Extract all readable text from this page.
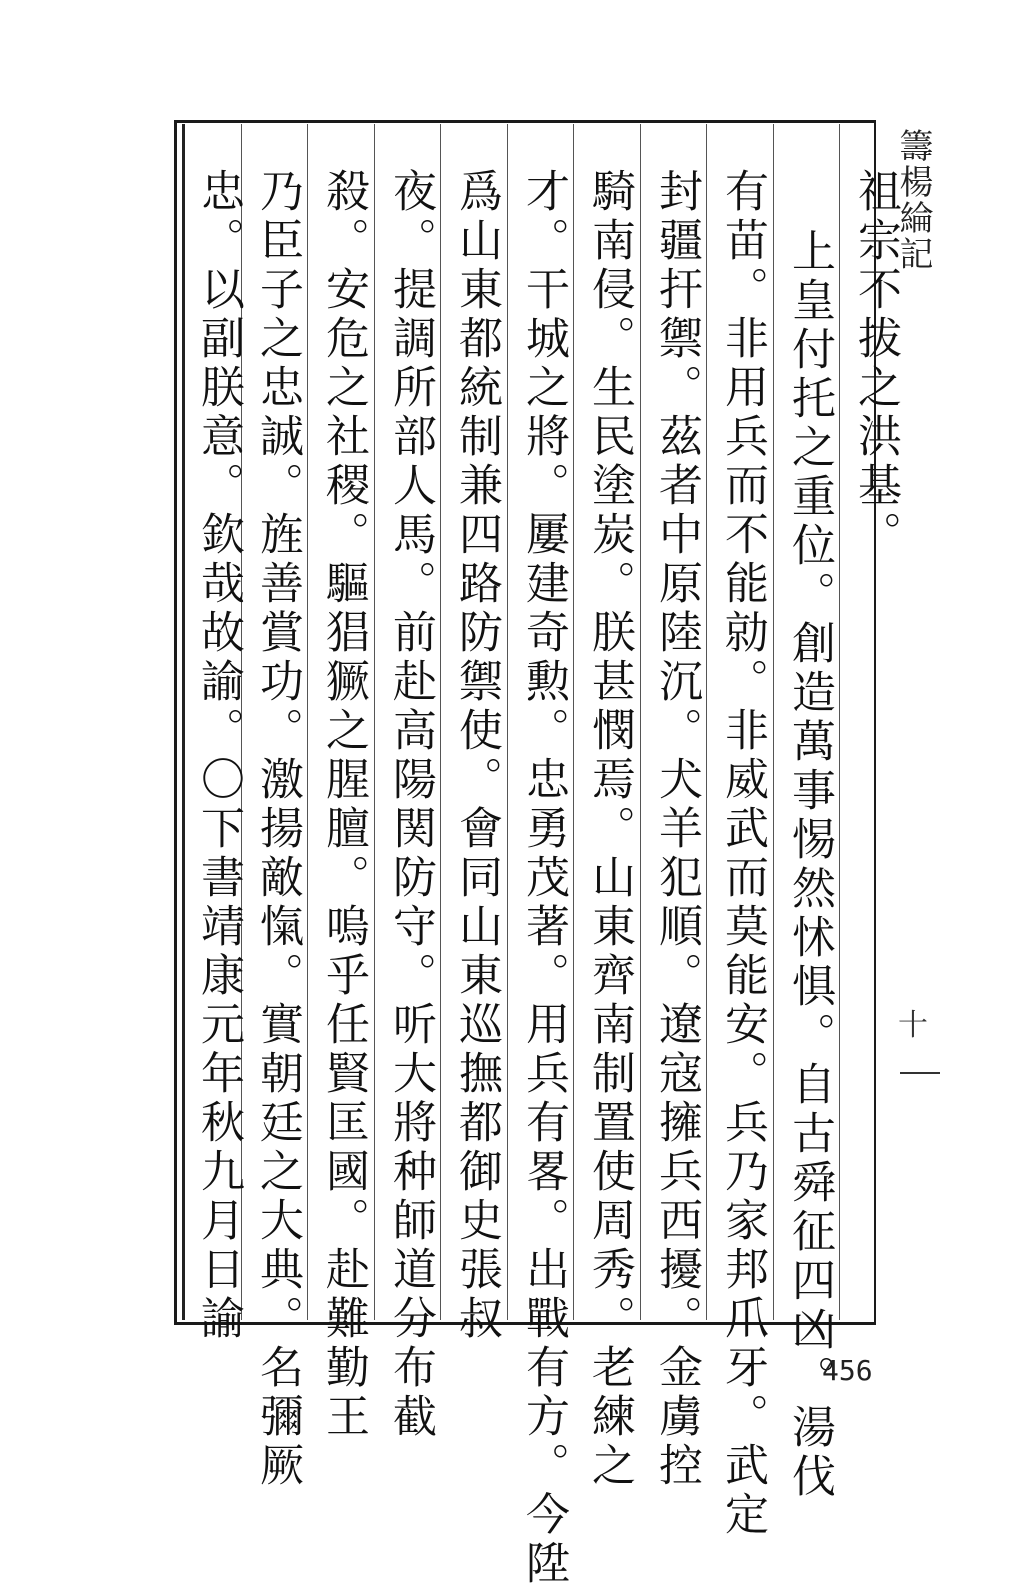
祖宗不拔之洪基。
上皇付托之重位。創造萬事惕然怵惧。自古舜征四凶。湯伐
有苗。非用兵而不能勍。非威武而莫能安。兵乃家邦爪牙。武定
封疆扞禦。茲者中原陸沉。犬羊犯順。遼寇擁兵西擾。金虜控
騎南侵。生民塗炭。朕甚憫焉。山東齊南制置使周秀。老練之
才。干城之將。屢建奇勲。忠勇茂著。用兵有畧。出戰有方。今陞
爲山東都統制兼四路防禦使。會同山東巡撫都御史張叔
夜。提調所部人馬。前赴高陽関防守。听大將种師道分布截
殺。安危之社稷。驅猖獗之腥膻。嗚乎任賢匡國。赴難勤王
乃臣子之忠誠。旌善賞功。激揚敵愾。實朝廷之大典。名彌厥
忠。以副朕意。欽哉故諭。〇下書靖康元年秋九月日諭	籌楊綸記
十
456
